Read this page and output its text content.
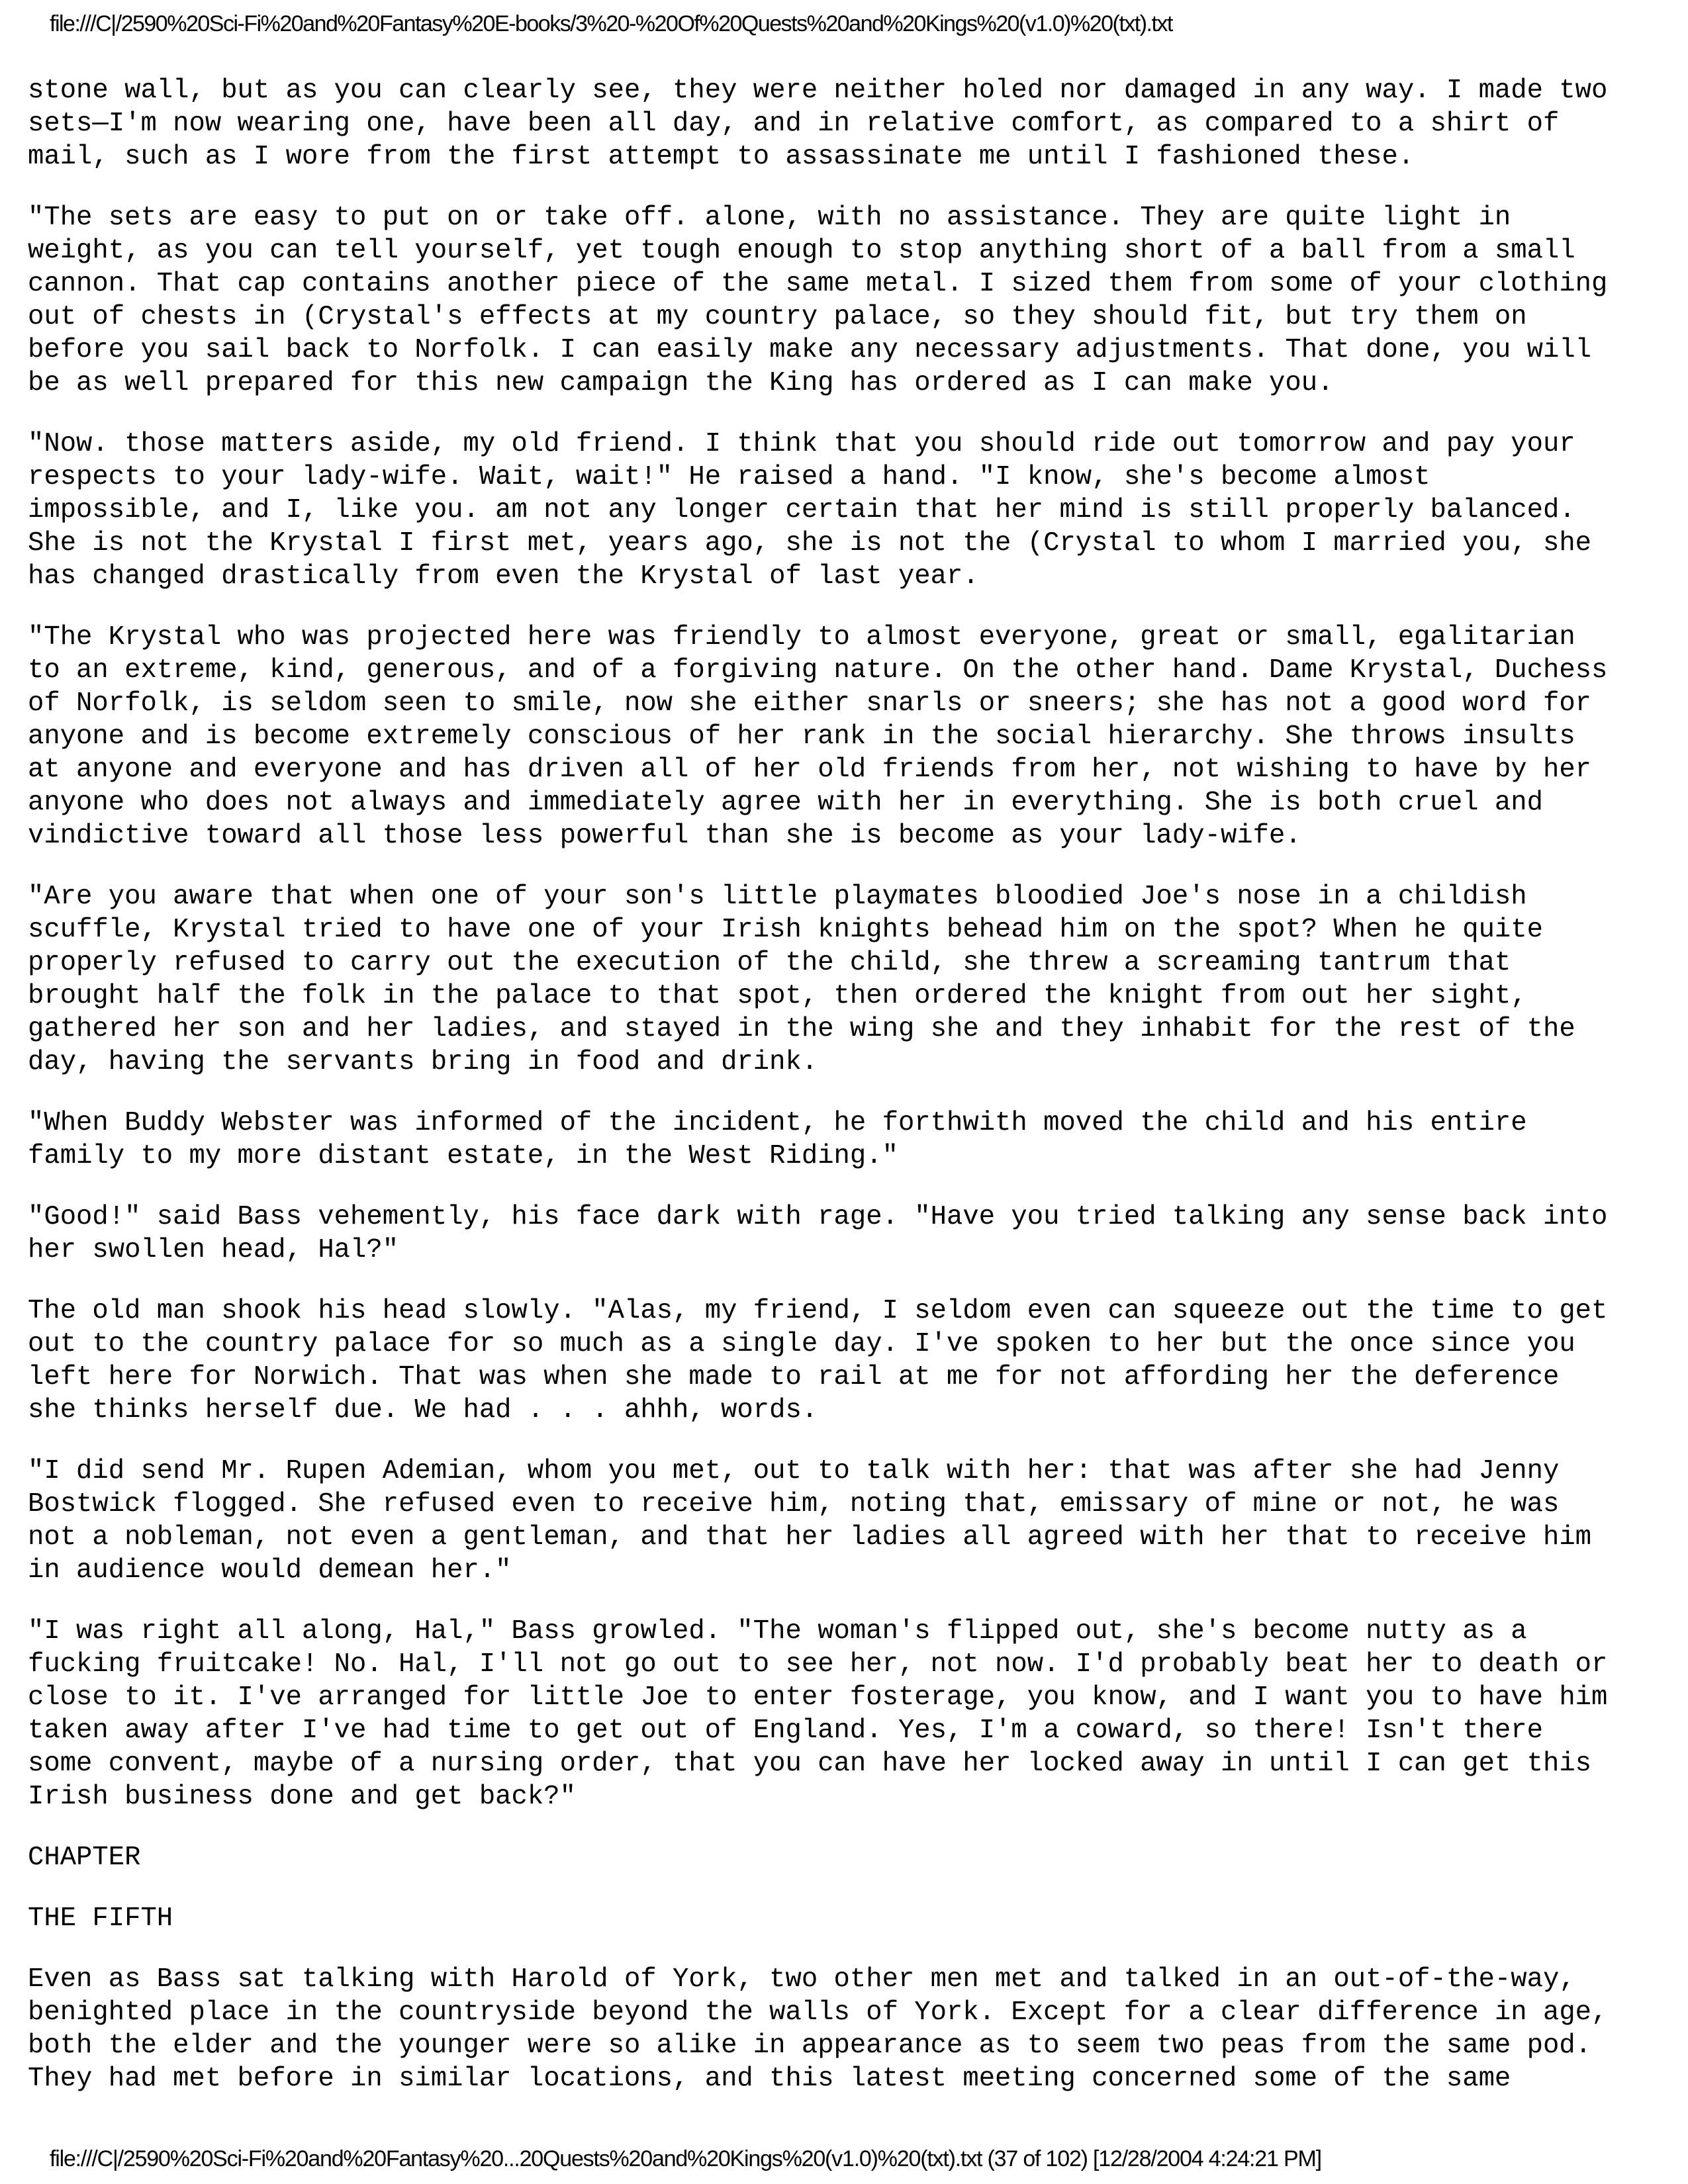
file:///C|/2590%20Sci-Fi%20and%20Fantasy%20E-books/3%20-%20Of%20Quests%20and%20Kings%20(v1.0)%20(txt).txt

stone wall, but as you can clearly see, they were neither holed nor damaged in any way. I made two
sets—I'm now wearing one, have been all day, and in relative comfort, as compared to a shirt of
mail, such as I wore from the first attempt to assassinate me until I fashioned these.

"The sets are easy to put on or take off. alone, with no assistance. They are quite light in
weight, as you can tell yourself, yet tough enough to stop anything short of a ball from a small
cannon. That cap contains another piece of the same metal. I sized them from some of your clothing
out of chests in (Crystal's effects at my country palace, so they should fit, but try them on
before you sail back to Norfolk. I can easily make any necessary adjustments. That done, you will
be as well prepared for this new campaign the King has ordered as I can make you.

"Now. those matters aside, my old friend. I think that you should ride out tomorrow and pay your
respects to your lady-wife. Wait, wait!" He raised a hand. "I know, she's become almost
impossible, and I, like you. am not any longer certain that her mind is still properly balanced.
She is not the Krystal I first met, years ago, she is not the (Crystal to whom I married you, she
has changed drastically from even the Krystal of last year.

"The Krystal who was projected here was friendly to almost everyone, great or small, egalitarian
to an extreme, kind, generous, and of a forgiving nature. On the other hand. Dame Krystal, Duchess
of Norfolk, is seldom seen to smile, now she either snarls or sneers; she has not a good word for
anyone and is become extremely conscious of her rank in the social hierarchy. She throws insults
at anyone and everyone and has driven all of her old friends from her, not wishing to have by her
anyone who does not always and immediately agree with her in everything. She is both cruel and
vindictive toward all those less powerful than she is become as your lady-wife.

"Are you aware that when one of your son's little playmates bloodied Joe's nose in a childish
scuffle, Krystal tried to have one of your Irish knights behead him on the spot? When he quite
properly refused to carry out the execution of the child, she threw a screaming tantrum that
brought half the folk in the palace to that spot, then ordered the knight from out her sight,
gathered her son and her ladies, and stayed in the wing she and they inhabit for the rest of the
day, having the servants bring in food and drink.

"When Buddy Webster was informed of the incident, he forthwith moved the child and his entire
family to my more distant estate, in the West Riding."

"Good!" said Bass vehemently, his face dark with rage. "Have you tried talking any sense back into
her swollen head, Hal?"

The old man shook his head slowly. "Alas, my friend, I seldom even can squeeze out the time to get
out to the country palace for so much as a single day. I've spoken to her but the once since you
left here for Norwich. That was when she made to rail at me for not affording her the deference
she thinks herself due. We had . . . ahhh, words.

"I did send Mr. Rupen Ademian, whom you met, out to talk with her: that was after she had Jenny
Bostwick flogged. She refused even to receive him, noting that, emissary of mine or not, he was
not a nobleman, not even a gentleman, and that her ladies all agreed with her that to receive him
in audience would demean her."

"I was right all along, Hal," Bass growled. "The woman's flipped out, she's become nutty as a
fucking fruitcake! No. Hal, I'll not go out to see her, not now. I'd probably beat her to death or
close to it. I've arranged for little Joe to enter fosterage, you know, and I want you to have him
taken away after I've had time to get out of England. Yes, I'm a coward, so there! Isn't there
some convent, maybe of a nursing order, that you can have her locked away in until I can get this
Irish business done and get back?"

CHAPTER

THE FIFTH

Even as Bass sat talking with Harold of York, two other men met and talked in an out-of-the-way,
benighted place in the countryside beyond the walls of York. Except for a clear difference in age,
both the elder and the younger were so alike in appearance as to seem two peas from the same pod.
They had met before in similar locations, and this latest meeting concerned some of the same

file:///C|/2590%20Sci-Fi%20and%20Fantasy%20...20Quests%20and%20Kings%20(v1.0)%20(txt).txt (37 of 102) [12/28/2004 4:24:21 PM]
